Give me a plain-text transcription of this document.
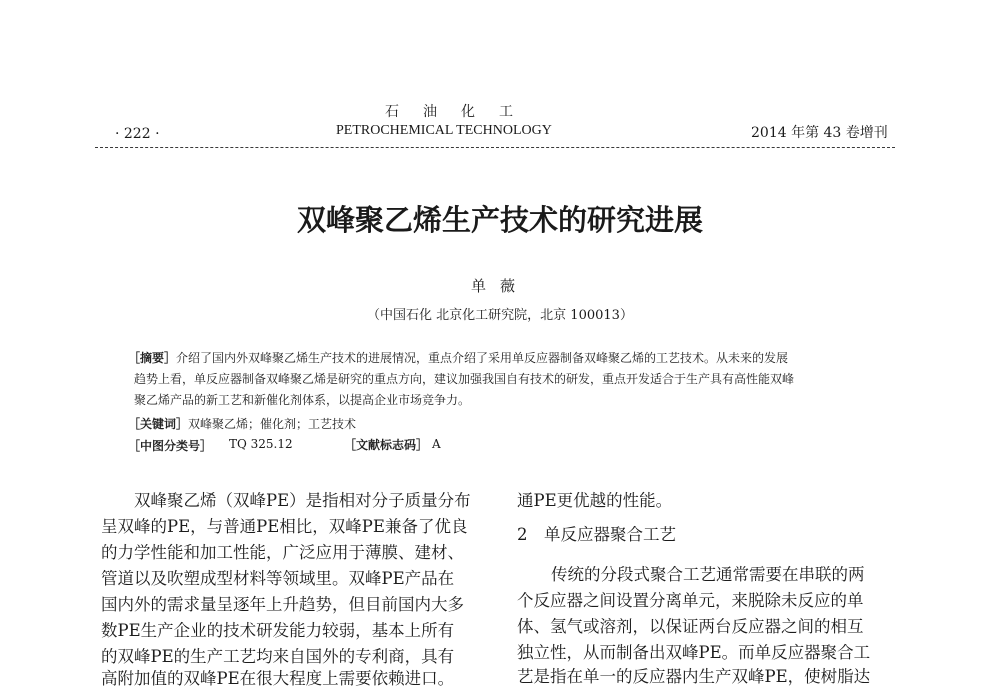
石油化工
· 222 ·	PETROCHEMICAL TECHNOLOGY	2014 年第 43 卷增刊
双峰聚乙烯生产技术的研究进展
单薇
（中国石化 北京化工研究院，北京 100013）
［摘要］介绍了国内外双峰聚乙烯生产技术的进展情况，重点介绍了采用单反应器制备双峰聚乙烯的工艺技术。从未来的发展
趋势上看，单反应器制备双峰聚乙烯是研究的重点方向，建议加强我国自有技术的研发，重点开发适合于生产具有高性能双峰
聚乙烯产品的新工艺和新催化剂体系，以提高企业市场竞争力。
［关键词］双峰聚乙烯；催化剂；工艺技术
［中图分类号］ TQ 325.12	［文献标志码］ A
双峰聚乙烯（双峰PE）是指相对分子质量分布
呈双峰的PE，与普通PE相比，双峰PE兼备了优良
的力学性能和加工性能，广泛应用于薄膜、建材、
管道以及吹塑成型材料等领域里。双峰PE产品在
国内外的需求量呈逐年上升趋势，但目前国内大多
数PE生产企业的技术研发能力较弱，基本上所有
的双峰PE的生产工艺均来自国外的专利商，具有
高附加值的双峰PE在很大程度上需要依赖进口。
通PE更优越的性能。
2　单反应器聚合工艺
传统的分段式聚合工艺通常需要在串联的两
个反应器之间设置分离单元，来脱除未反应的单
体、氢气或溶剂，以保证两台反应器之间的相互
独立性，从而制备出双峰PE。而单反应器聚合工
艺是指在单一的反应器内生产双峰PE，使树脂达
